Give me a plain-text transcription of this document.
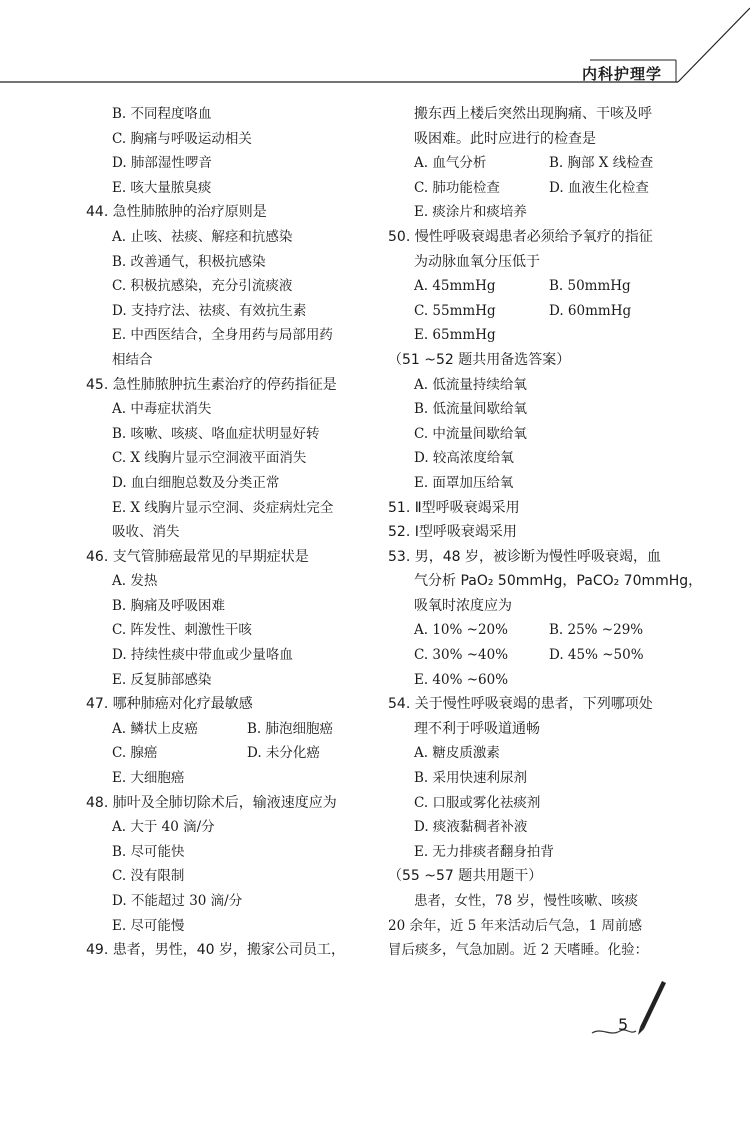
内科护理学
B. 不同程度咯血
C. 胸痛与呼吸运动相关
D. 肺部湿性啰音
E. 咳大量脓臭痰
44. 急性肺脓肿的治疗原则是
A. 止咳、祛痰、解痉和抗感染
B. 改善通气，积极抗感染
C. 积极抗感染，充分引流痰液
D. 支持疗法、祛痰、有效抗生素
E. 中西医结合，全身用药与局部用药
相结合
45. 急性肺脓肿抗生素治疗的停药指征是
A. 中毒症状消失
B. 咳嗽、咳痰、咯血症状明显好转
C. X 线胸片显示空洞液平面消失
D. 血白细胞总数及分类正常
E. X 线胸片显示空洞、炎症病灶完全
吸收、消失
46. 支气管肺癌最常见的早期症状是
A. 发热
B. 胸痛及呼吸困难
C. 阵发性、刺激性干咳
D. 持续性痰中带血或少量咯血
E. 反复肺部感染
47. 哪种肺癌对化疗最敏感
A. 鳞状上皮癌	B. 肺泡细胞癌
C. 腺癌	D. 未分化癌
E. 大细胞癌
48. 肺叶及全肺切除术后，输液速度应为
A. 大于 40 滴/分
B. 尽可能快
C. 没有限制
D. 不能超过 30 滴/分
E. 尽可能慢
49. 患者，男性，40 岁，搬家公司员工，
搬东西上楼后突然出现胸痛、干咳及呼
吸困难。此时应进行的检查是
A. 血气分析	B. 胸部 X 线检查
C. 肺功能检查	D. 血液生化检查
E. 痰涂片和痰培养
50. 慢性呼吸衰竭患者必须给予氧疗的指征
为动脉血氧分压低于
A. 45mmHg	B. 50mmHg
C. 55mmHg	D. 60mmHg
E. 65mmHg
（51 ~52 题共用备选答案）
A. 低流量持续给氧
B. 低流量间歇给氧
C. 中流量间歇给氧
D. 较高浓度给氧
E. 面罩加压给氧
51. Ⅱ型呼吸衰竭采用
52. Ⅰ型呼吸衰竭采用
53. 男，48 岁，被诊断为慢性呼吸衰竭，血
气分析 PaO₂ 50mmHg，PaCO₂ 70mmHg，
吸氧时浓度应为
A. 10% ~20%	B. 25% ~29%
C. 30% ~40%	D. 45% ~50%
E. 40% ~60%
54. 关于慢性呼吸衰竭的患者，下列哪项处
理不利于呼吸道通畅
A. 糖皮质激素
B. 采用快速利尿剂
C. 口服或雾化祛痰剂
D. 痰液黏稠者补液
E. 无力排痰者翻身拍背
（55 ~57 题共用题干）
患者，女性，78 岁，慢性咳嗽、咳痰
20 余年，近 5 年来活动后气急，1 周前感
冒后痰多，气急加剧。近 2 天嗜睡。化验：
5
